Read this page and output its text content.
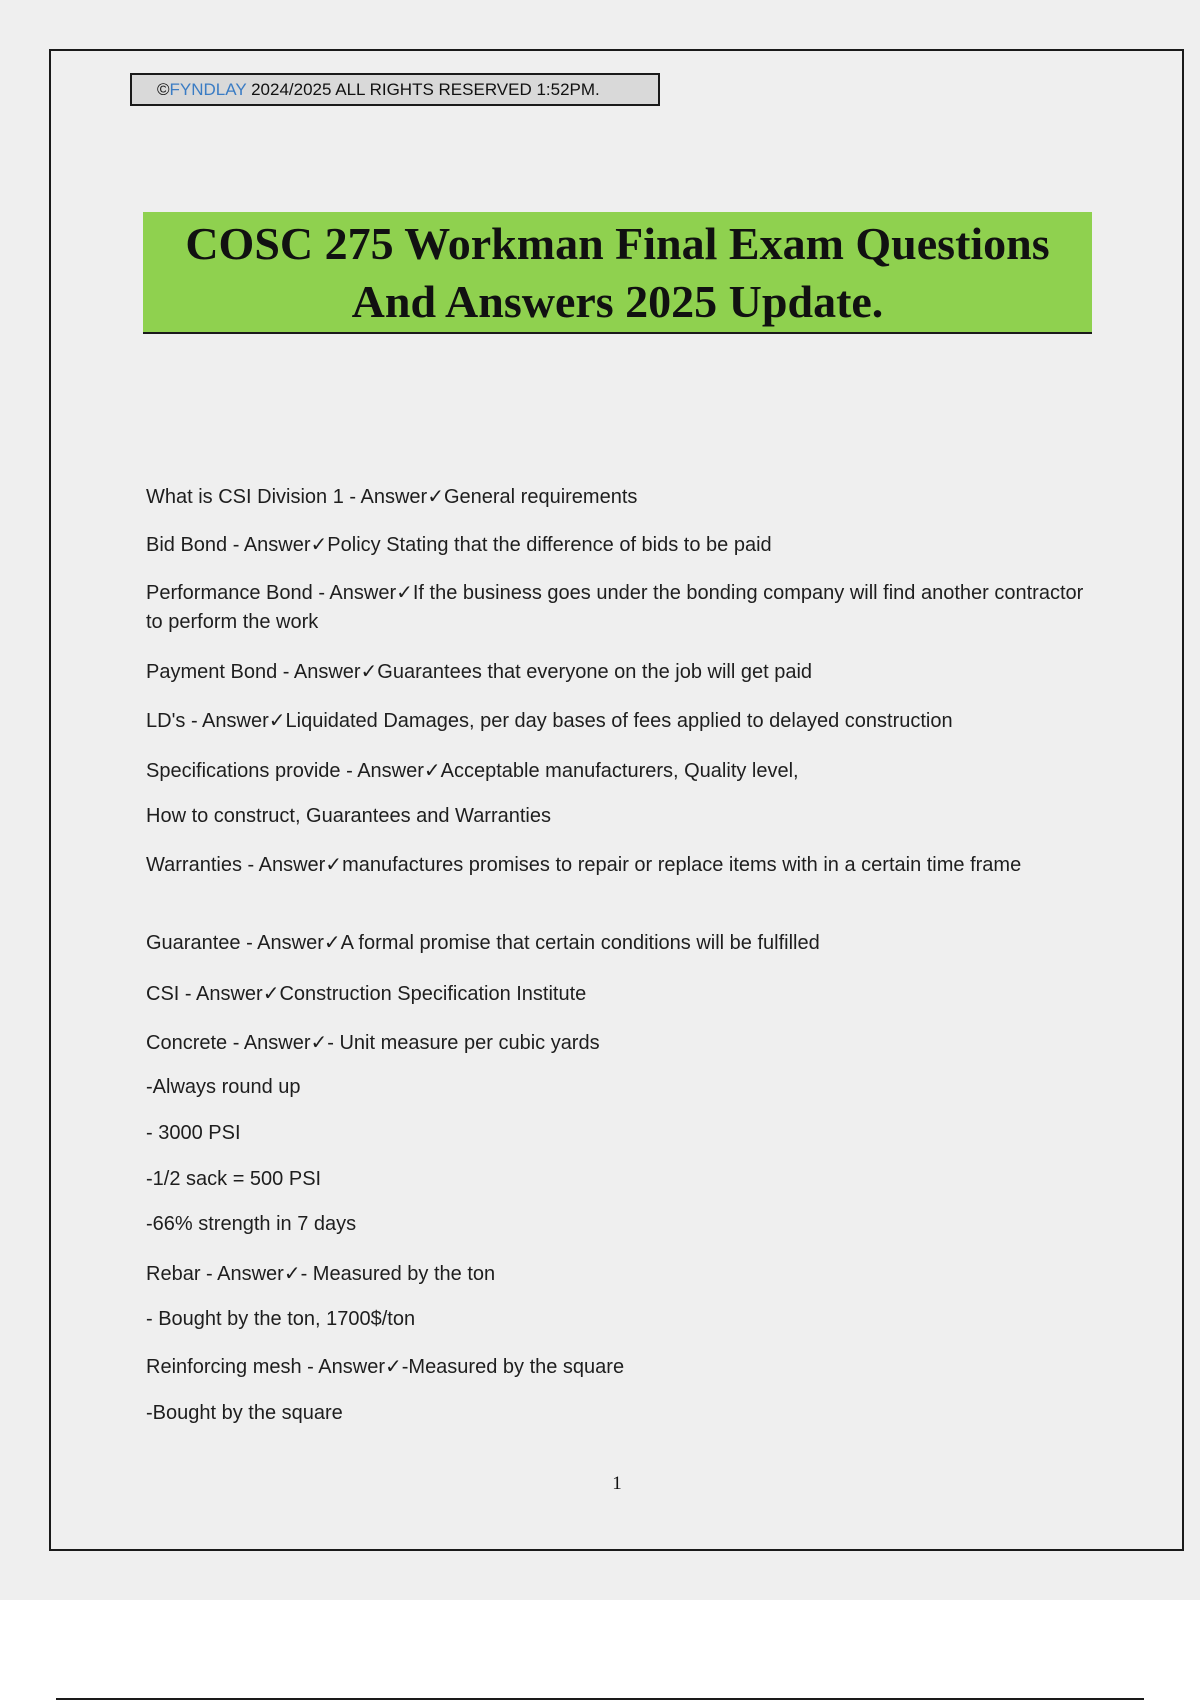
©FYNDLAY 2024/2025 ALL RIGHTS RESERVED 1:52PM.
COSC 275 Workman Final Exam Questions
And Answers 2025 Update.
What is CSI Division 1 - Answer✓General requirements
Bid Bond - Answer✓Policy Stating that the difference of bids to be paid
Performance Bond - Answer✓If the business goes under the bonding company will find another contractor to perform the work
Payment Bond - Answer✓Guarantees that everyone on the job will get paid
LD's - Answer✓Liquidated Damages, per day bases of fees applied to delayed construction
Specifications provide - Answer✓Acceptable manufacturers, Quality level,
How to construct, Guarantees and Warranties
Warranties - Answer✓manufactures promises to repair or replace items with in a certain time frame
Guarantee - Answer✓A formal promise that certain conditions will be fulfilled
CSI - Answer✓Construction Specification Institute
Concrete - Answer✓- Unit measure per cubic yards
-Always round up
- 3000 PSI
-1/2 sack = 500 PSI
-66% strength in 7 days
Rebar - Answer✓- Measured by the ton
- Bought by the ton, 1700$/ton
Reinforcing mesh - Answer✓-Measured by the square
-Bought by the square
1
